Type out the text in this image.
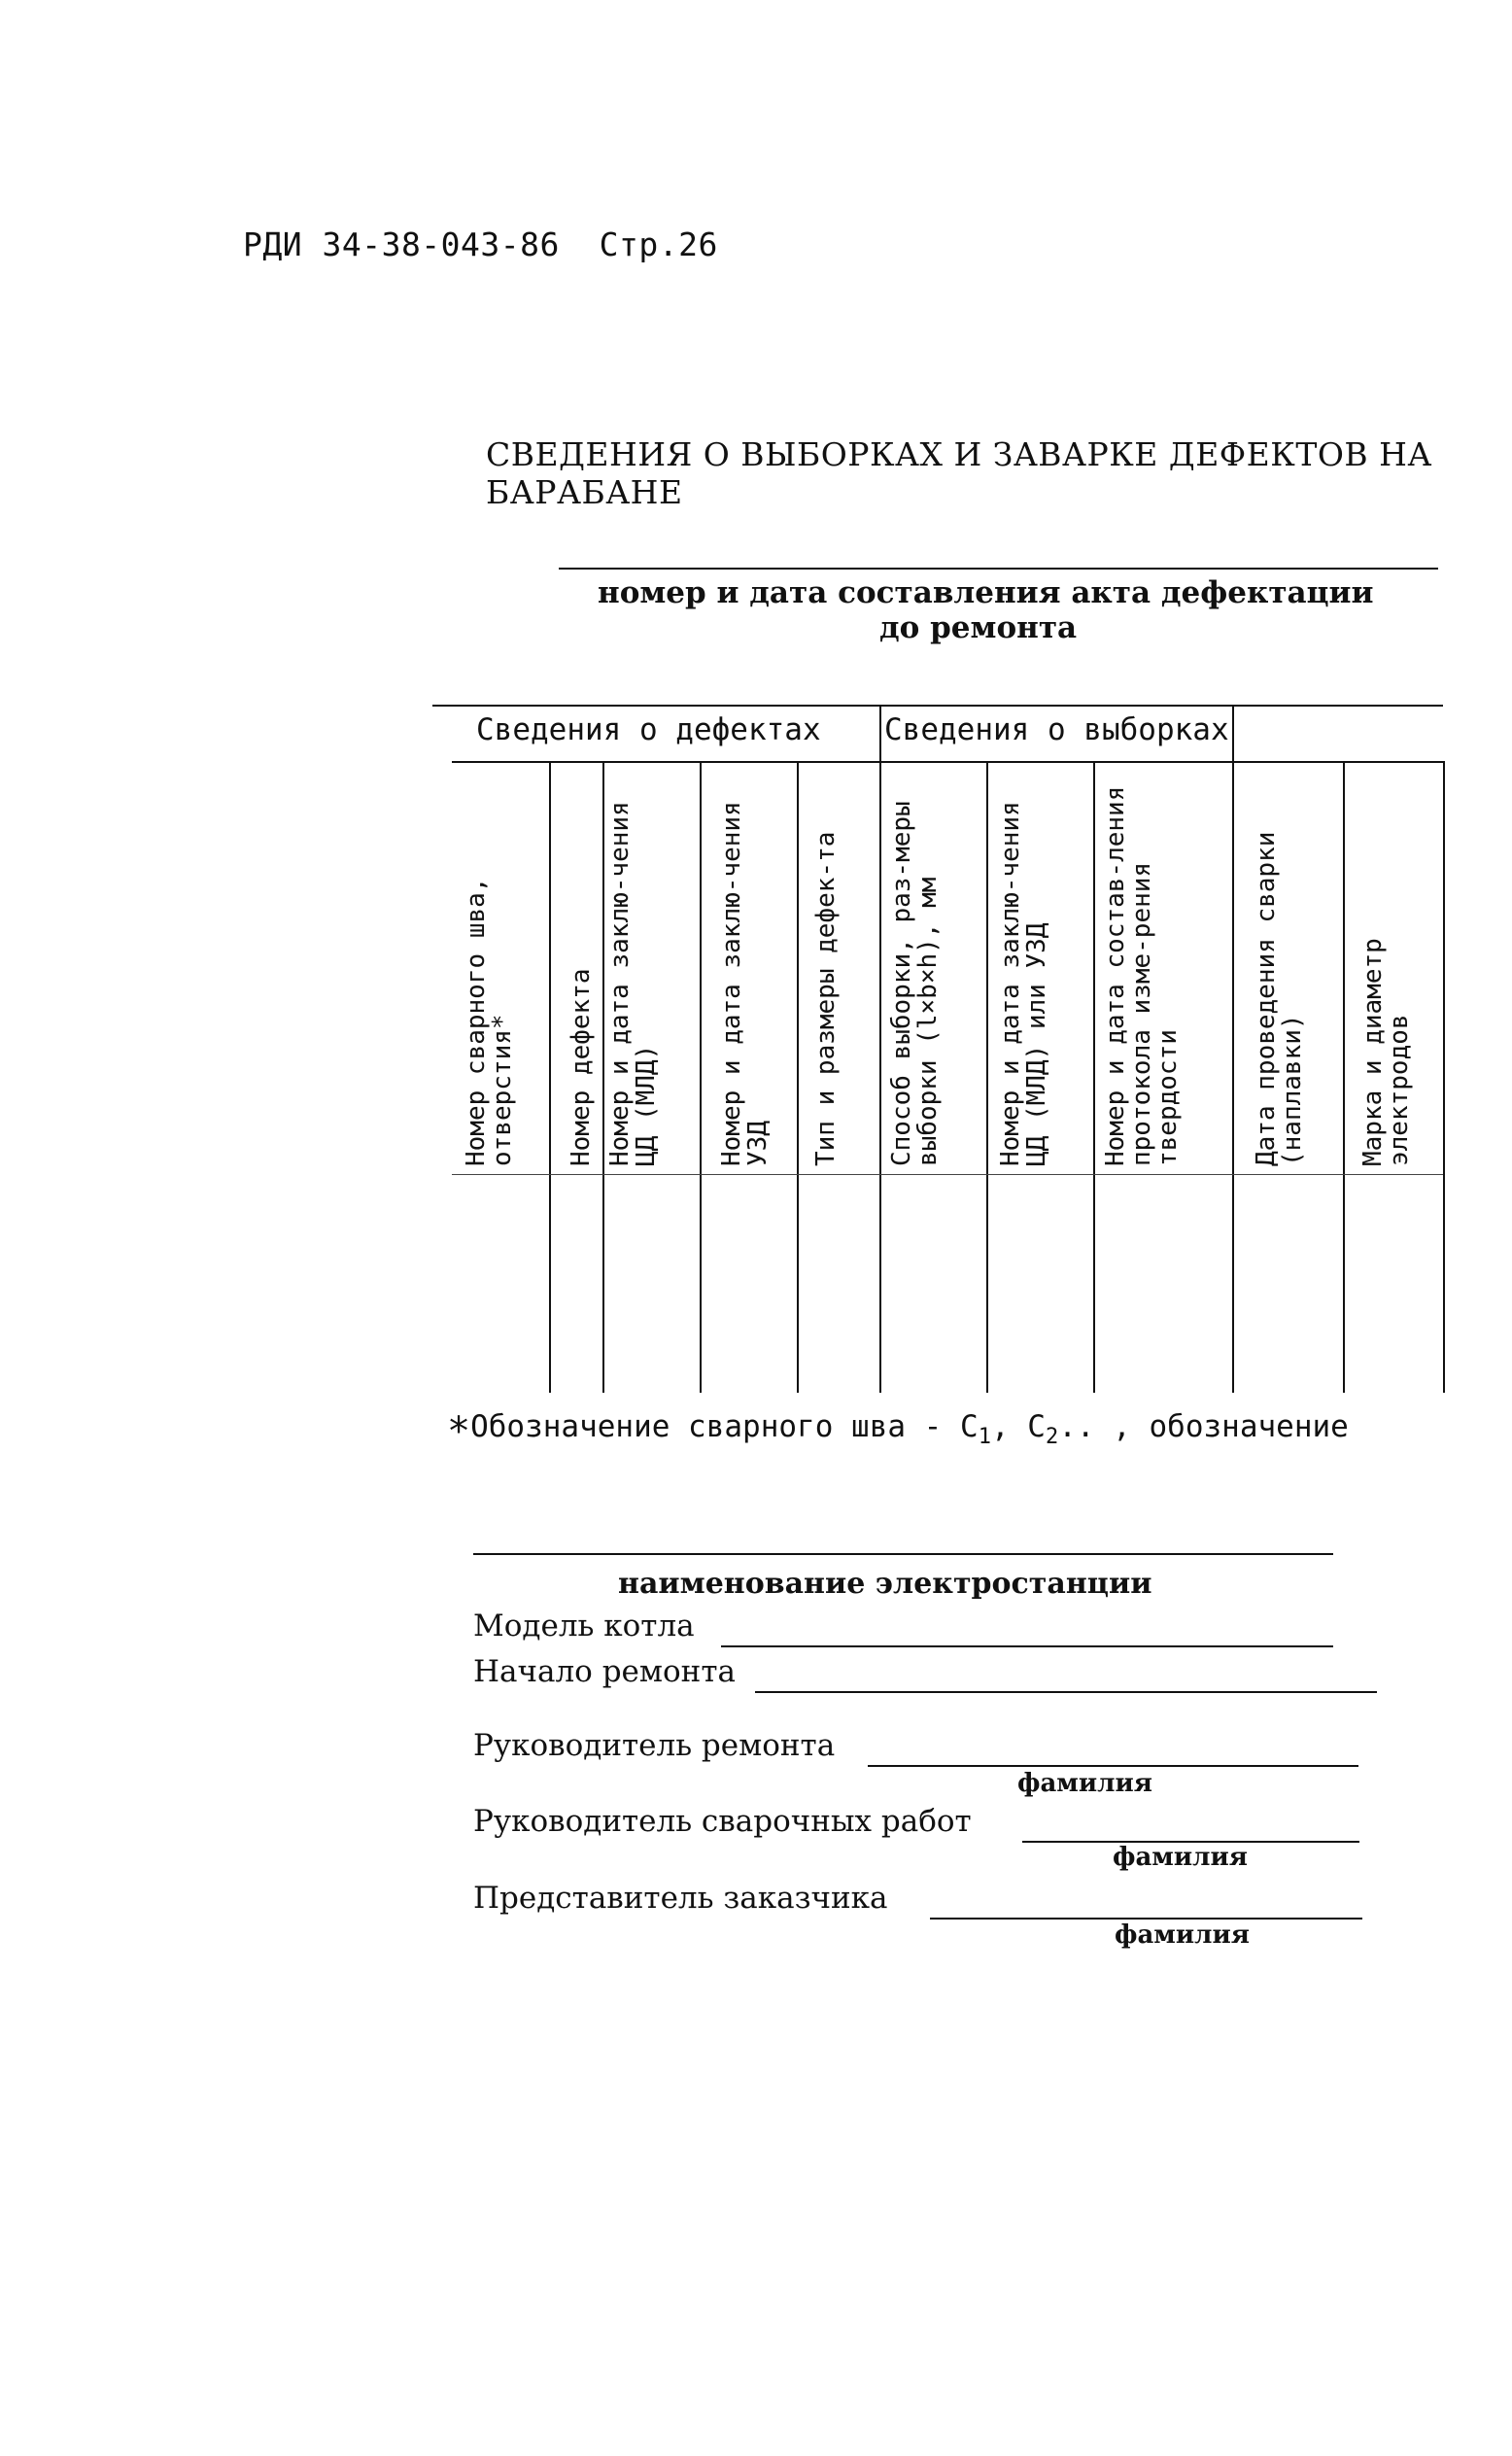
РДИ 34-38-043-86 Стр.26
СВЕДЕНИЯ О ВЫБОРКАХ И ЗАВАРКЕ ДЕФЕКТОВ НА БАРАБАНЕ
номер и дата составления акта дефектации
до ремонта
Сведения о дефектах Сведения о выборках
Номер сварного шва, отверстия* Номер дефекта Номер и дата заклю-чения ЦД (МЛД) Номер и дата заклю-чения УЗД Тип и размеры дефек-та Способ выборки, раз-меры выборки (l×b×h), мм Номер и дата заклю-чения ЦД (МЛД) или УЗД Номер и дата состав-ления протокола изме-рения твердости	Дата проведения сварки (наплавки) Марка и диаметр электродов
*Обозначение сварного шва - $С_1$, $С_2$.. , обозначение
наименование электростанции
Модель котла
Начало ремонта
Руководитель ремонта
фамилия
Руководитель сварочных работ
фамилия
Представитель заказчика
фамилия
